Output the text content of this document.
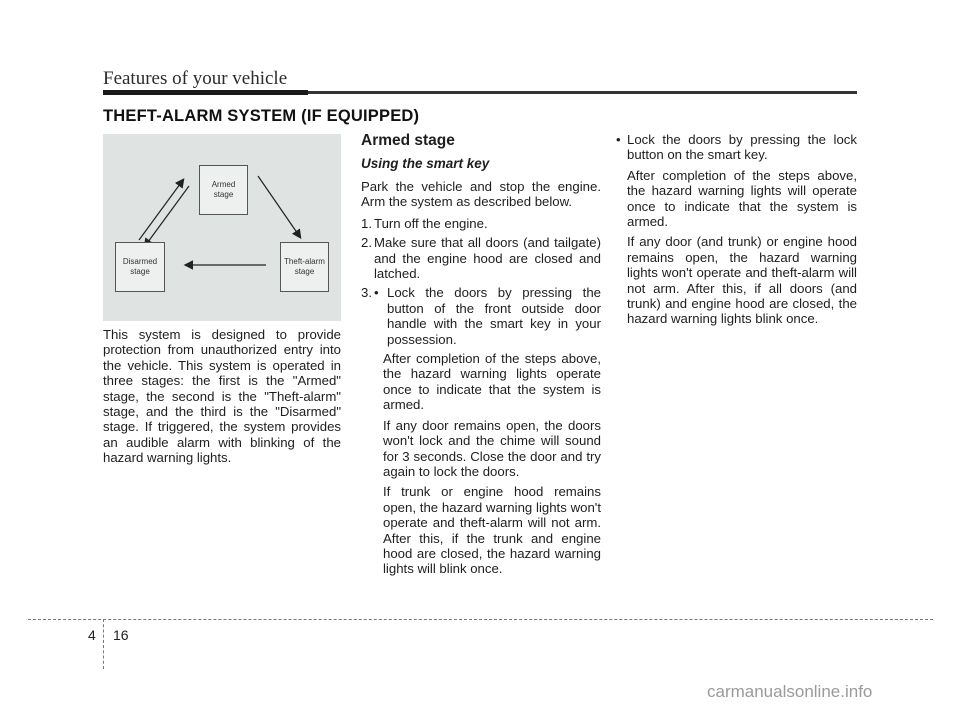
Features of your vehicle
THEFT-ALARM SYSTEM (IF EQUIPPED)
Armed
stage
Disarmed
stage
Theft-alarm
stage

This system is designed to provide protection from unauthorized entry into the vehicle. This system is operated in three stages: the first is the "Armed" stage, the second is the "Theft-alarm" stage, and the third is the "Disarmed" stage. If triggered, the system provides an audible alarm with blinking of the hazard warning lights.

Armed stage
Using the smart key

Park the vehicle and stop the engine. Arm the system as described below.

1. Turn off the engine.
2. Make sure that all doors (and tailgate) and the engine hood are closed and latched.
3. • Lock the doors by pressing the button of the front outside door handle with the smart key in your possession.
After completion of the steps above, the hazard warning lights operate once to indicate that the system is armed.
If any door remains open, the doors won't lock and the chime will sound for 3 seconds. Close the door and try again to lock the doors.
If trunk or engine hood remains open, the hazard warning lights won't operate and theft-alarm will not arm. After this, if the trunk and engine hood are closed, the hazard warning lights will blink once.
• Lock the doors by pressing the lock button on the smart key.
After completion of the steps above, the hazard warning lights will operate once to indicate that the system is armed.
If any door (and trunk) or engine hood remains open, the hazard warning lights won't operate and theft-alarm will not arm. After this, if all doors (and trunk) and engine hood are closed, the hazard warning lights blink once.
4 16
carmanualsonline.info
